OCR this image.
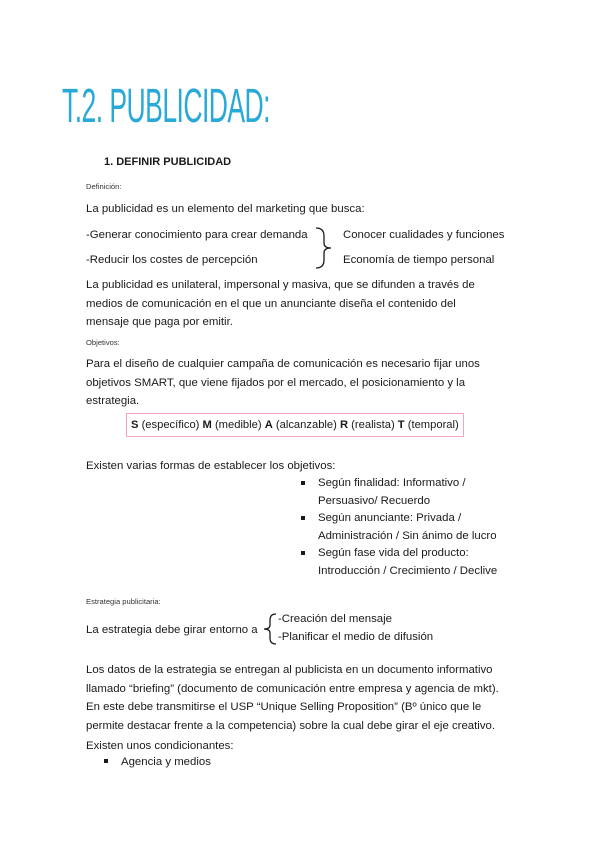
T.2. PUBLICIDAD:
1. DEFINIR PUBLICIDAD
Definición:
La publicidad es un elemento del marketing que busca:
-Generar conocimiento para crear demanda
-Reducir los costes de percepción
Conocer cualidades y funciones
Economía de tiempo personal
La publicidad es unilateral, impersonal y masiva, que se difunden a través de
medios de comunicación en el que un anunciante diseña el contenido del
mensaje que paga por emitir.
Objetivos:
Para el diseño de cualquier campaña de comunicación es necesario fijar unos
objetivos SMART, que viene fijados por el mercado, el posicionamiento y la
estrategia.
S (específico) M (medible) A (alcanzable) R (realista) T (temporal)
Existen varias formas de establecer los objetivos:
Según finalidad: Informativo /
Persuasivo/ Recuerdo
Según anunciante: Privada /
Administración / Sin ánimo de lucro
Según fase vida del producto:
Introducción / Crecimiento / Declive
Estrategia publicitaria:
La estrategia debe girar entorno a
-Creación del mensaje
-Planificar el medio de difusión
Los datos de la estrategia se entregan al publicista en un documento informativo
llamado “briefing” (documento de comunicación entre empresa y agencia de mkt).
En este debe transmitirse el USP “Unique Selling Proposition” (Bº único que le
permite destacar frente a la competencia) sobre la cual debe girar el eje creativo.
Existen unos condicionantes:
Agencia y medios
